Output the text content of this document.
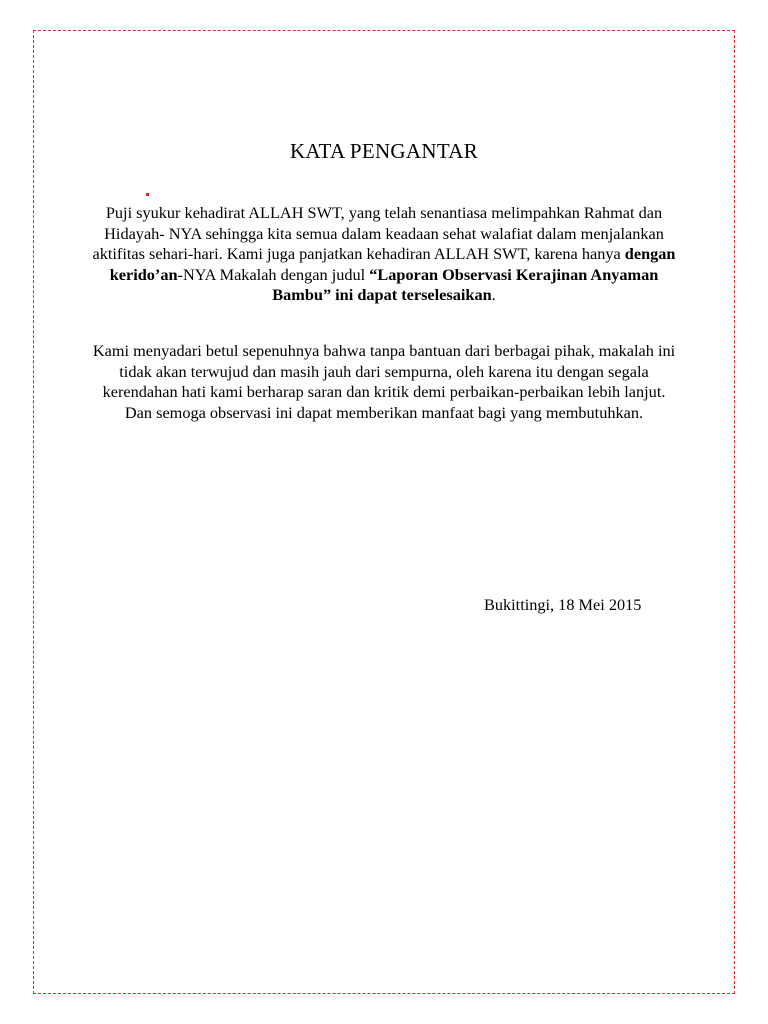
KATA PENGANTAR
Puji syukur kehadirat ALLAH SWT, yang telah senantiasa melimpahkan Rahmat dan Hidayah- NYA sehingga kita semua dalam keadaan sehat walafiat dalam menjalankan aktifitas sehari-hari. Kami juga panjatkan kehadiran ALLAH SWT, karena hanya dengan kerido’an-NYA Makalah dengan judul “Laporan Observasi Kerajinan Anyaman Bambu” ini dapat terselesaikan.
Kami menyadari betul sepenuhnya bahwa tanpa bantuan dari berbagai pihak, makalah ini tidak akan terwujud dan masih jauh dari sempurna, oleh karena itu dengan segala kerendahan hati kami berharap saran dan kritik demi perbaikan-perbaikan lebih lanjut. Dan semoga observasi ini dapat memberikan manfaat bagi yang membutuhkan.
Bukittingi, 18 Mei 2015
